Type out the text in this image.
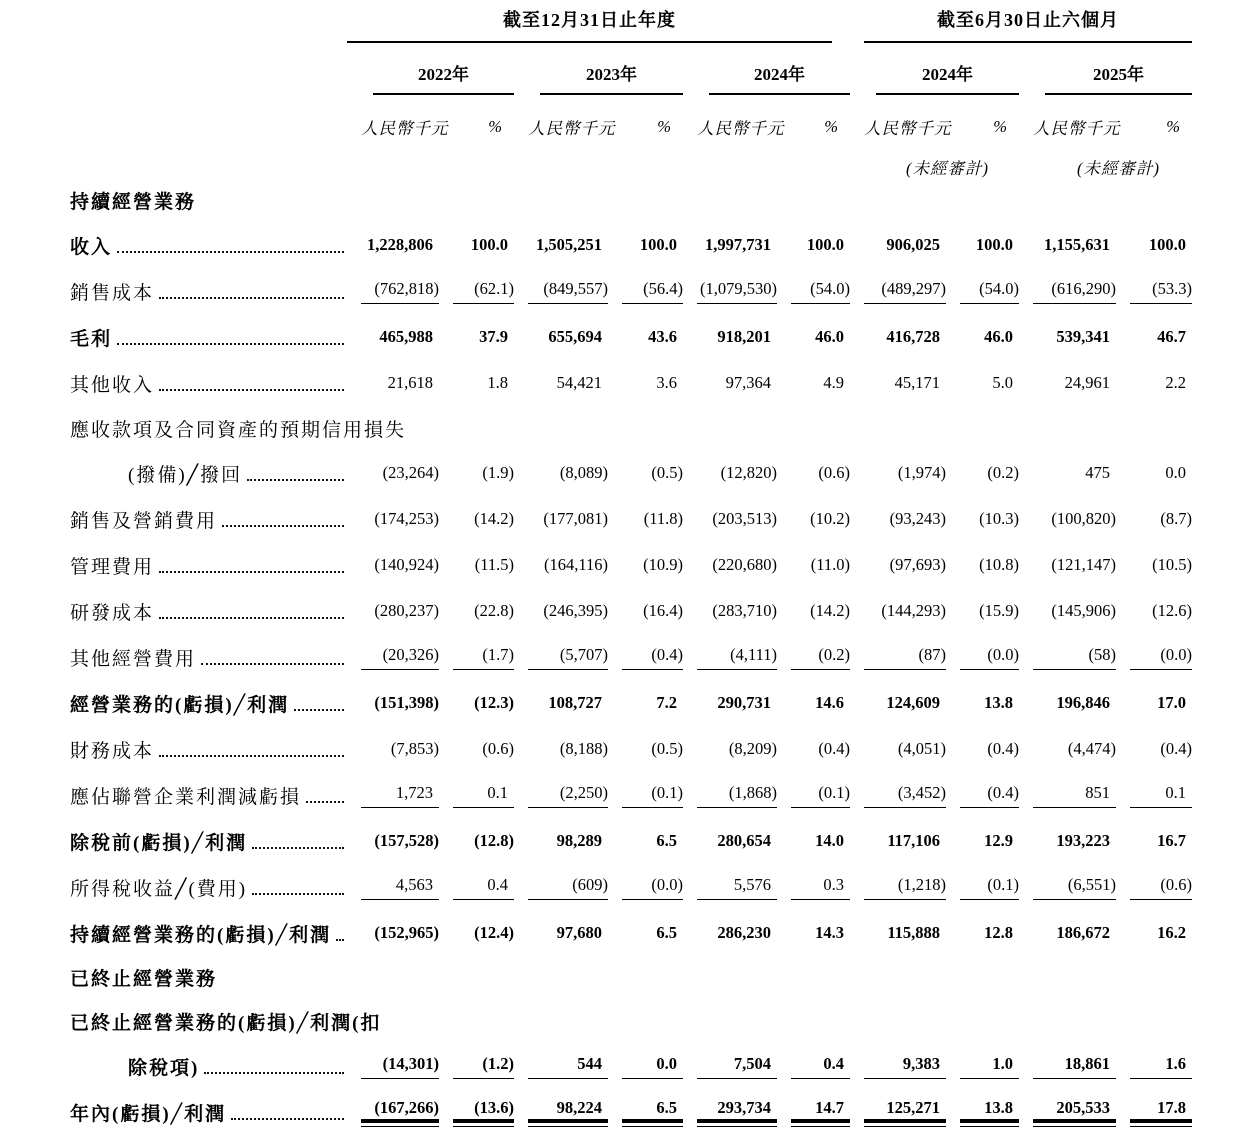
	截至12月31日止年度						截至6月30日止六個月			

	2022年		2023年		2024年		2024年		2025年	

	人民幣千元	%	人民幣千元	%	人民幣千元	%	人民幣千元	%	人民幣千元	%

							(未經審計)		(未經審計)	

持續經營業務										

收入	1,228,806	100.0	1,505,251	100.0	1,997,731	100.0	906,025	100.0	1,155,631	100.0

銷售成本	(762,818)	(62.1)	(849,557)	(56.4)	(1,079,530)	(54.0)	(489,297)	(54.0)	(616,290)	(53.3)

毛利	465,988	37.9	655,694	43.6	918,201	46.0	416,728	46.0	539,341	46.7

其他收入	21,618	1.8	54,421	3.6	97,364	4.9	45,171	5.0	24,961	2.2

應收款項及合同資產的預期信用損失										

(撥備)╱撥回	(23,264)	(1.9)	(8,089)	(0.5)	(12,820)	(0.6)	(1,974)	(0.2)	475	0.0

銷售及營銷費用	(174,253)	(14.2)	(177,081)	(11.8)	(203,513)	(10.2)	(93,243)	(10.3)	(100,820)	(8.7)

管理費用	(140,924)	(11.5)	(164,116)	(10.9)	(220,680)	(11.0)	(97,693)	(10.8)	(121,147)	(10.5)

研發成本	(280,237)	(22.8)	(246,395)	(16.4)	(283,710)	(14.2)	(144,293)	(15.9)	(145,906)	(12.6)

其他經營費用	(20,326)	(1.7)	(5,707)	(0.4)	(4,111)	(0.2)	(87)	(0.0)	(58)	(0.0)

經營業務的(虧損)╱利潤	(151,398)	(12.3)	108,727	7.2	290,731	14.6	124,609	13.8	196,846	17.0

財務成本	(7,853)	(0.6)	(8,188)	(0.5)	(8,209)	(0.4)	(4,051)	(0.4)	(4,474)	(0.4)

應佔聯營企業利潤減虧損	1,723	0.1	(2,250)	(0.1)	(1,868)	(0.1)	(3,452)	(0.4)	851	0.1

除稅前(虧損)╱利潤	(157,528)	(12.8)	98,289	6.5	280,654	14.0	117,106	12.9	193,223	16.7

所得稅收益╱(費用)	4,563	0.4	(609)	(0.0)	5,576	0.3	(1,218)	(0.1)	(6,551)	(0.6)

持續經營業務的(虧損)╱利潤	(152,965)	(12.4)	97,680	6.5	286,230	14.3	115,888	12.8	186,672	16.2

已終止經營業務										
已終止經營業務的(虧損)╱利潤(扣										

除稅項)	(14,301)	(1.2)	544	0.0	7,504	0.4	9,383	1.0	18,861	1.6

年內(虧損)╱利潤	(167,266)	(13.6)	98,224	6.5	293,734	14.7	125,271	13.8	205,533	17.8
